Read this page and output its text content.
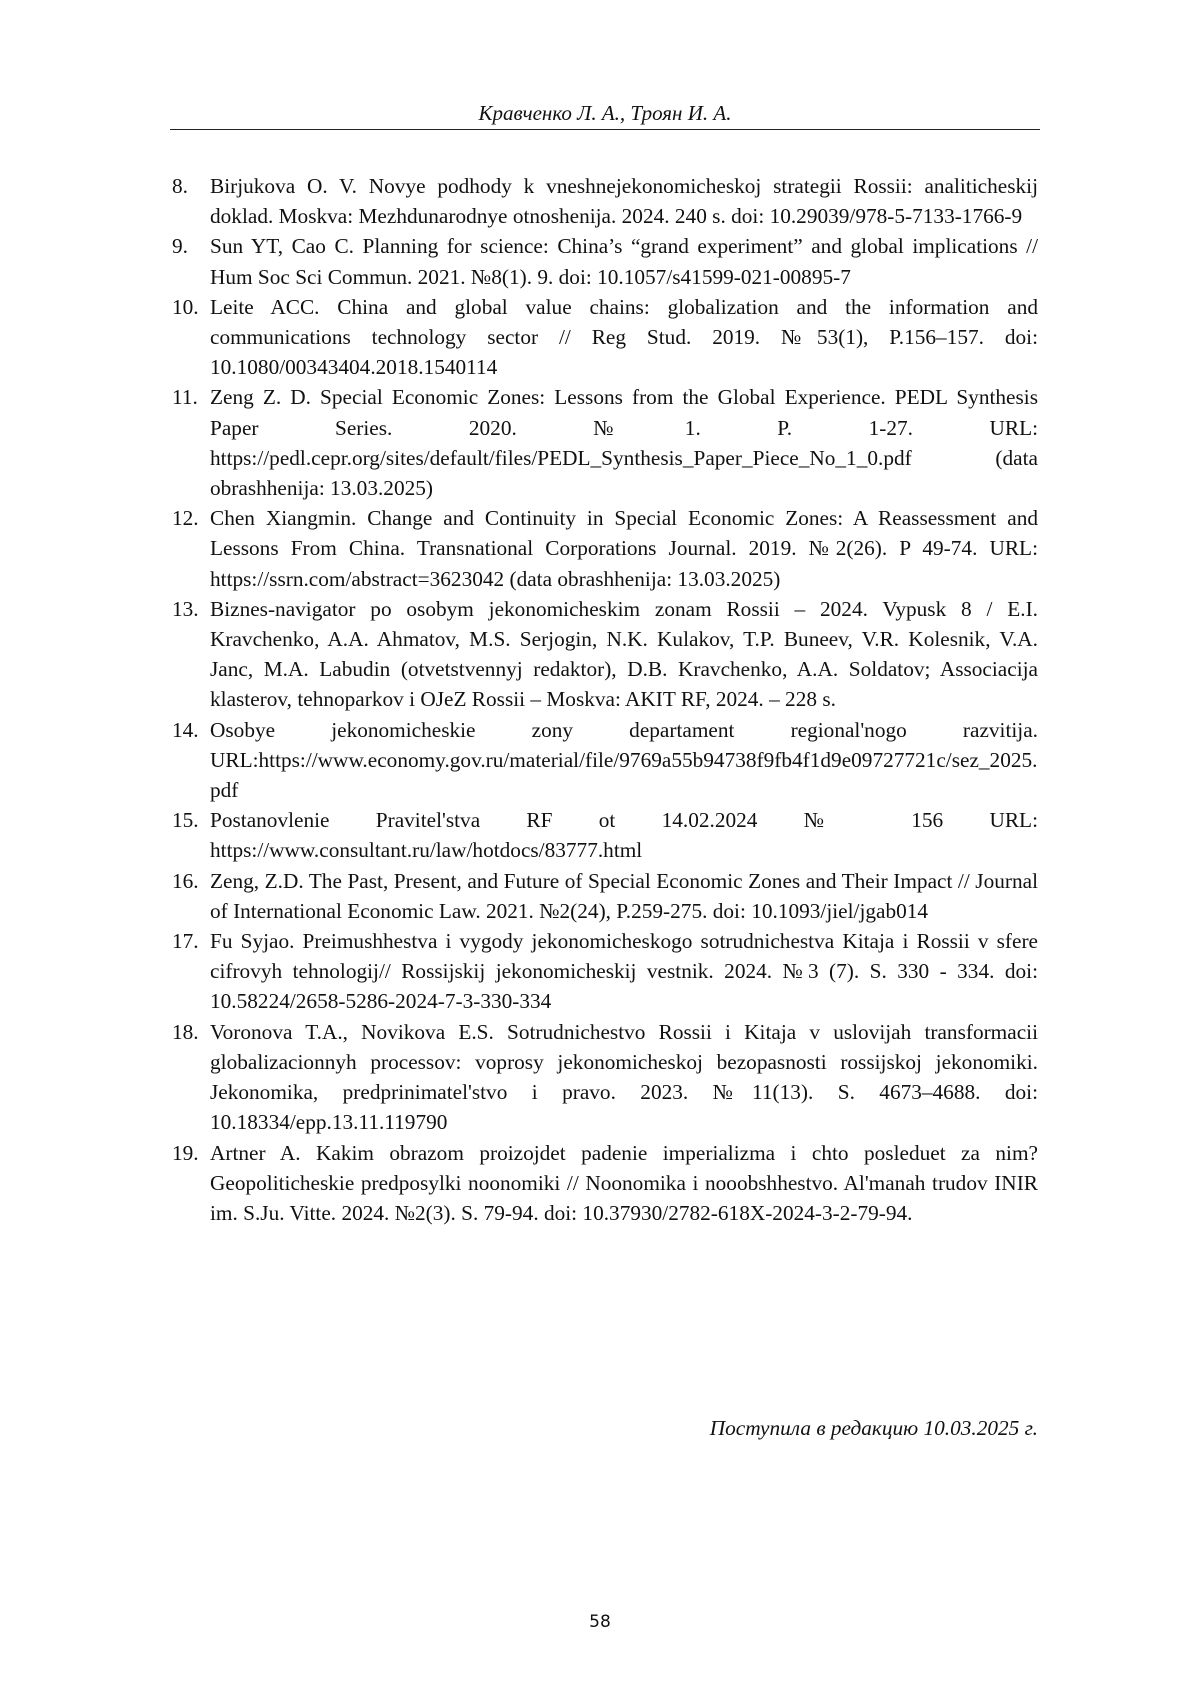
Кравченко Л. А., Троян И. А.
8. Birjukova O. V. Novye podhody k vneshnejekonomicheskoj strategii Rossii: analiticheskij doklad. Moskva: Mezhdunarodnye otnoshenija. 2024. 240 s. doi: 10.29039/978-5-7133-1766-9
9. Sun YT, Cao C. Planning for science: China’s “grand experiment” and global implications // Hum Soc Sci Commun. 2021. №8(1). 9. doi: 10.1057/s41599-021-00895-7
10. Leite ACC. China and global value chains: globalization and the information and communications technology sector // Reg Stud. 2019. №53(1), P.156–157. doi: 10.1080/00343404.2018.1540114
11. Zeng Z. D. Special Economic Zones: Lessons from the Global Experience. PEDL Synthesis Paper Series. 2020. №1. P. 1-27. URL: https://pedl.cepr.org/sites/default/files/PEDL_Synthesis_Paper_Piece_No_1_0.pdf (data obrashhenija: 13.03.2025)
12. Chen Xiangmin. Change and Continuity in Special Economic Zones: A Reassessment and Lessons From China. Transnational Corporations Journal. 2019. №2(26). P 49-74. URL: https://ssrn.com/abstract=3623042 (data obrashhenija: 13.03.2025)
13. Biznes-navigator po osobym jekonomicheskim zonam Rossii – 2024. Vypusk 8 / E.I. Kravchenko, A.A. Ahmatov, M.S. Serjogin, N.K. Kulakov, T.P. Buneev, V.R. Kolesnik, V.A. Janc, M.A. Labudin (otvetstvennyj redaktor), D.B. Kravchenko, A.A. Soldatov; Associacija klasterov, tehnoparkov i OJeZ Rossii – Moskva: AKIT RF, 2024. – 228 s.
14. Osobye jekonomicheskie zony departament regional'nogo razvitija. URL:https://www.economy.gov.ru/material/file/9769a55b94738f9fb4f1d9e09727721c/sez_2025.pdf
15. Postanovlenie Pravitel'stva RF ot 14.02.2024 № 156 URL: https://www.consultant.ru/law/hotdocs/83777.html
16. Zeng, Z.D. The Past, Present, and Future of Special Economic Zones and Their Impact // Journal of International Economic Law. 2021. №2(24), P.259-275. doi: 10.1093/jiel/jgab014
17. Fu Syjao. Preimushhestva i vygody jekonomicheskogo sotrudnichestva Kitaja i Rossii v sfere cifrovyh tehnologij// Rossijskij jekonomicheskij vestnik. 2024. №3 (7). S. 330 - 334. doi: 10.58224/2658-5286-2024-7-3-330-334
18. Voronova T.A., Novikova E.S. Sotrudnichestvo Rossii i Kitaja v uslovijah transformacii globalizacionnyh processov: voprosy jekonomicheskoj bezopasnosti rossijskoj jekonomiki. Jekonomika, predprinimatel'stvo i pravo. 2023. №11(13). S. 4673–4688. doi: 10.18334/epp.13.11.119790
19. Artner A. Kakim obrazom proizojdet padenie imperializma i chto posleduet za nim? Geopoliticheskie predposylki noonomiki // Noonomika i nooobshhestvo. Al'manah trudov INIR im. S.Ju. Vitte. 2024. №2(3). S. 79-94. doi: 10.37930/2782-618X-2024-3-2-79-94.
Поступила в редакцию 10.03.2025 г.
58
